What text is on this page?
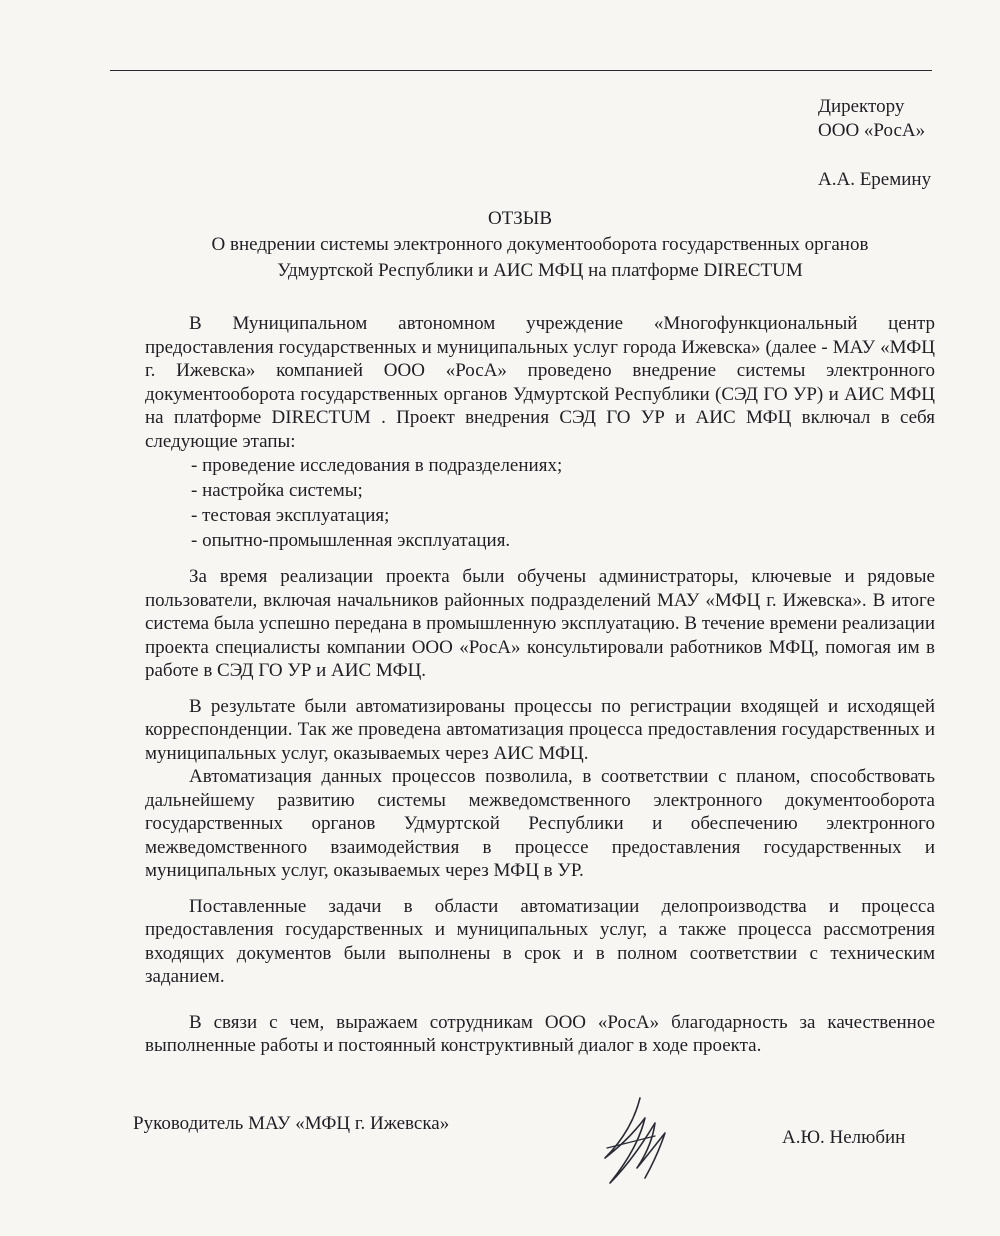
Директору
ООО «РосА»
А.А. Еремину
ОТЗЫВ
О внедрении системы электронного документооборота государственных органов
Удмуртской Республики и АИС МФЦ на платформе DIRECTUM

В Муниципальном автономном учреждение «Многофункциональный центр предоставления государственных и муниципальных услуг города Ижевска» (далее - МАУ «МФЦ г. Ижевска» компанией ООО «РосА» проведено внедрение системы электронного документооборота государственных органов Удмуртской Республики (СЭД ГО УР) и АИС МФЦ на платформе DIRECTUM . Проект внедрения СЭД ГО УР и АИС МФЦ включал в себя следующие этапы:

- проведение исследования в подразделениях;
- настройка системы;
- тестовая эксплуатация;
- опытно-промышленная эксплуатация.

За время реализации проекта были обучены администраторы, ключевые и рядовые пользователи, включая начальников районных подразделений МАУ «МФЦ г. Ижевска». В итоге система была успешно передана в промышленную эксплуатацию. В течение времени реализации проекта специалисты компании ООО «РосА» консультировали работников МФЦ, помогая им в работе в СЭД ГО УР и АИС МФЦ.

В результате были автоматизированы процессы по регистрации входящей и исходящей корреспонденции. Так же проведена автоматизация процесса предоставления государственных и муниципальных услуг, оказываемых через АИС МФЦ.

Автоматизация данных процессов позволила, в соответствии с планом, способствовать дальнейшему развитию системы межведомственного электронного документооборота государственных органов Удмуртской Республики и обеспечению электронного межведомственного взаимодействия в процессе предоставления государственных и муниципальных услуг, оказываемых через МФЦ в УР.

Поставленные задачи в области автоматизации делопроизводства и процесса предоставления государственных и муниципальных услуг, а также процесса рассмотрения входящих документов были выполнены в срок и в полном соответствии с техническим заданием.

В связи с чем, выражаем сотрудникам ООО «РосА» благодарность за качественное выполненные работы и постоянный конструктивный диалог в ходе проекта.

Руководитель МАУ «МФЦ г. Ижевска»
А.Ю. Нелюбин
